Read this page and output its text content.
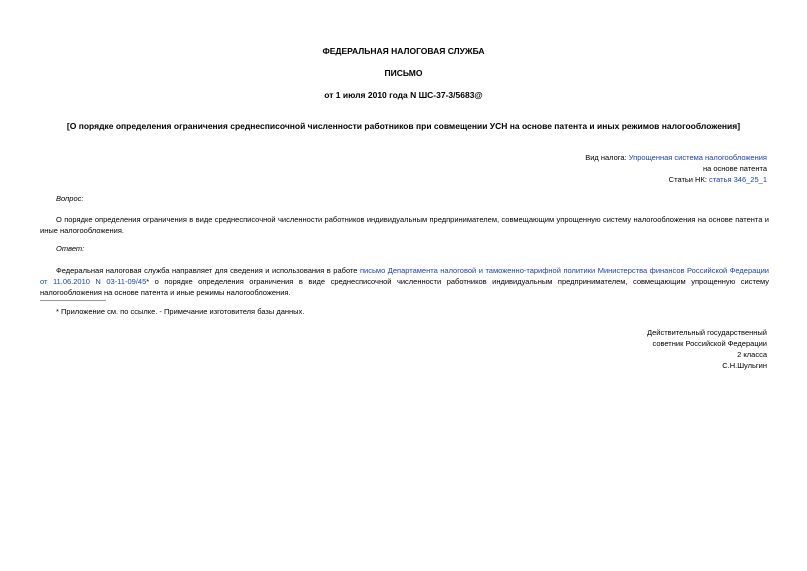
ФЕДЕРАЛЬНАЯ НАЛОГОВАЯ СЛУЖБА
ПИСЬМО
от 1 июля 2010 года N ШС-37-3/5683@
[О порядке определения ограничения среднесписочной численности работников при совмещении УСН на основе патента и иных режимов налогообложения]
Вид налога: Упрощенная система налогообложения
на основе патента
Статьи НК: статья 346_25_1
Вопрос:
О порядке определения ограничения в виде среднесписочной численности работников индивидуальным предпринимателем, совмещающим упрощенную систему налогообложения на основе патента и иные налогообложения.
Ответ:
Федеральная налоговая служба направляет для сведения и использования в работе письмо Департамента налоговой и таможенно-тарифной политики Министерства финансов Российской Федерации от 11.06.2010 N 03-11-09/45* о порядке определения ограничения в виде среднесписочной численности работников индивидуальным предпринимателем, совмещающим упрощенную систему налогообложения на основе патента и иные режимы налогообложения.
* Приложение см. по ссылке. - Примечание изготовителя базы данных.
Действительный государственный
советник Российской Федерации
2 класса
С.Н.Шульгин
